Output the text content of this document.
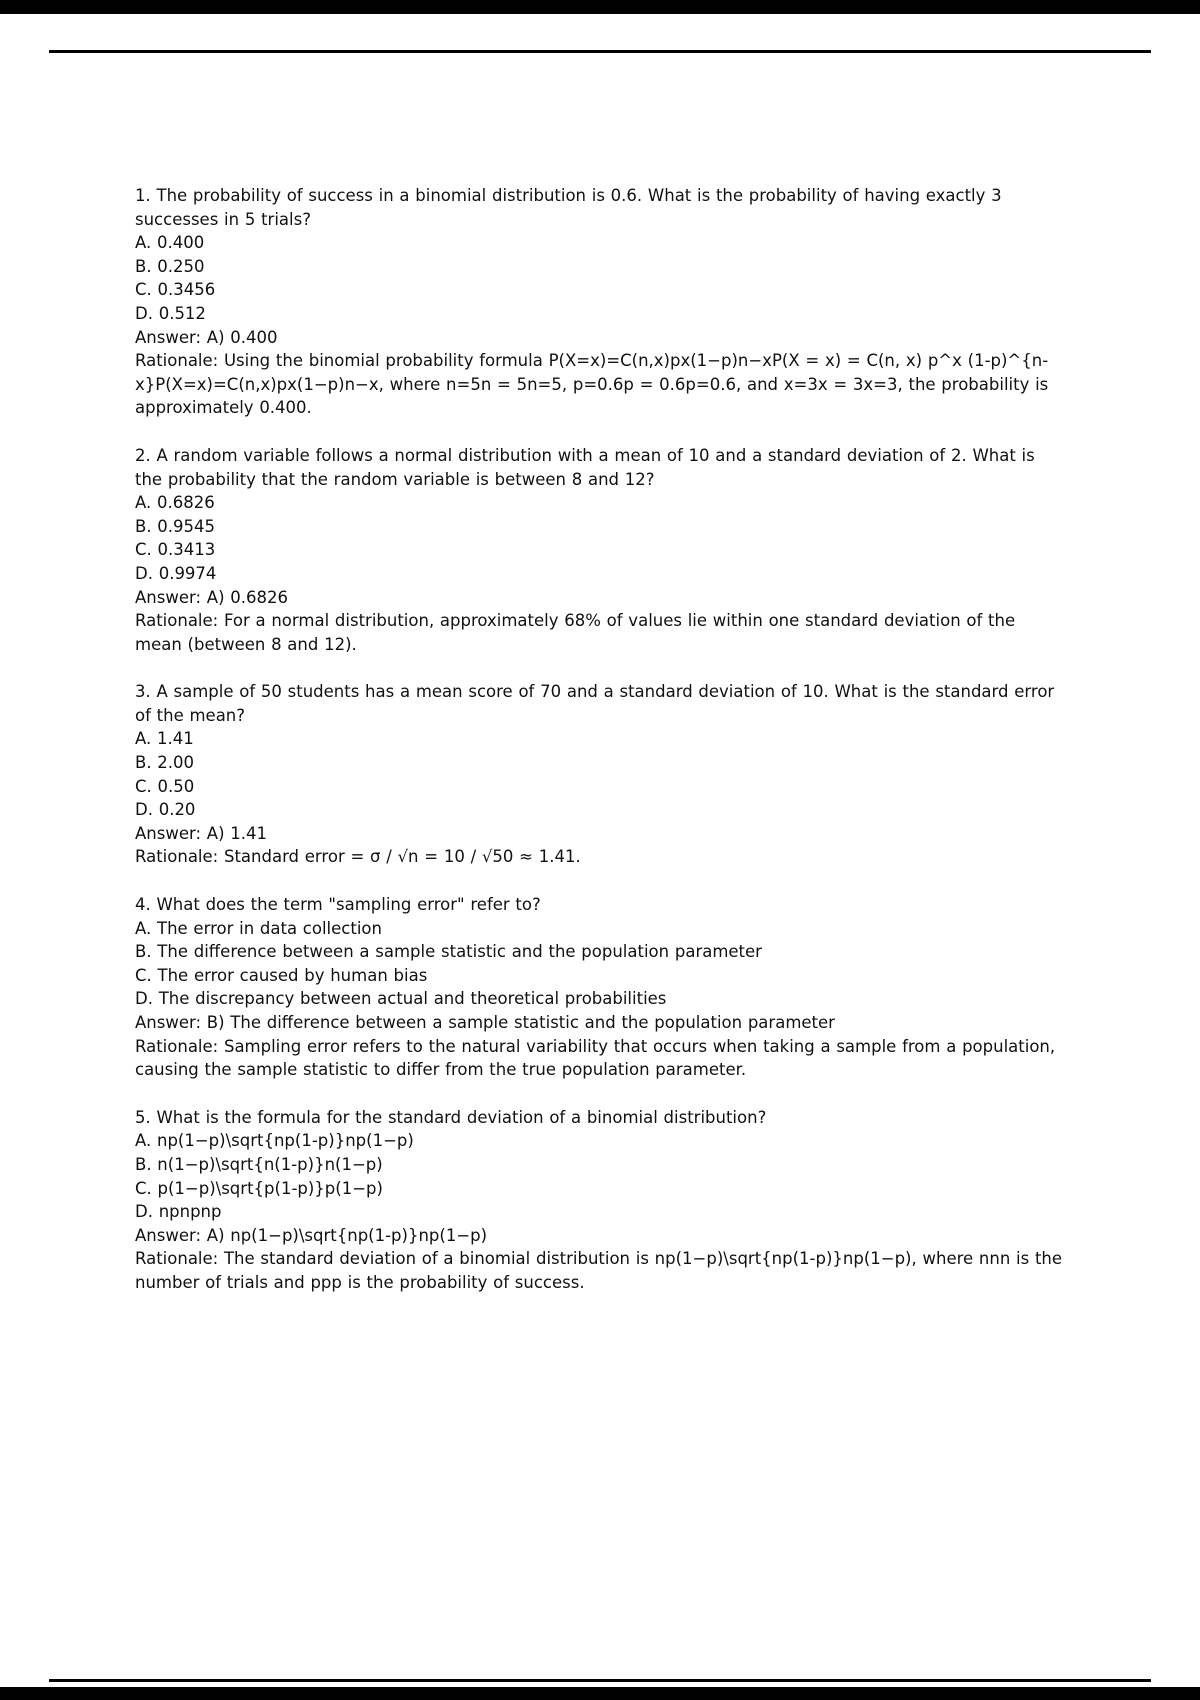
1. The probability of success in a binomial distribution is 0.6. What is the probability of having exactly 3 successes in 5 trials?

A. 0.400

B. 0.250

C. 0.3456

D. 0.512

Answer: A) 0.400

Rationale: Using the binomial probability formula P(X=x)=C(n,x)px(1−p)n−xP(X = x) = C(n, x) p^x (1-p)^{n-x}P(X=x)=C(n,x)px(1−p)n−x, where n=5n = 5n=5, p=0.6p = 0.6p=0.6, and x=3x = 3x=3, the probability is approximately 0.400.

2. A random variable follows a normal distribution with a mean of 10 and a standard deviation of 2. What is the probability that the random variable is between 8 and 12?

A. 0.6826

B. 0.9545

C. 0.3413

D. 0.9974

Answer: A) 0.6826

Rationale: For a normal distribution, approximately 68% of values lie within one standard deviation of the mean (between 8 and 12).

3. A sample of 50 students has a mean score of 70 and a standard deviation of 10. What is the standard error of the mean?

A. 1.41

B. 2.00

C. 0.50

D. 0.20

Answer: A) 1.41

Rationale: Standard error = σ / √n = 10 / √50 ≈ 1.41.

4. What does the term "sampling error" refer to?

A. The error in data collection

B. The difference between a sample statistic and the population parameter

C. The error caused by human bias

D. The discrepancy between actual and theoretical probabilities

Answer: B) The difference between a sample statistic and the population parameter

Rationale: Sampling error refers to the natural variability that occurs when taking a sample from a population, causing the sample statistic to differ from the true population parameter.

5. What is the formula for the standard deviation of a binomial distribution?

A. np(1−p)\sqrt{np(1-p)}np(1−p)

B. n(1−p)\sqrt{n(1-p)}n(1−p)

C. p(1−p)\sqrt{p(1-p)}p(1−p)

D. npnpnp

Answer: A) np(1−p)\sqrt{np(1-p)}np(1−p)

Rationale: The standard deviation of a binomial distribution is np(1−p)\sqrt{np(1-p)}np(1−p), where nnn is the number of trials and ppp is the probability of success.
